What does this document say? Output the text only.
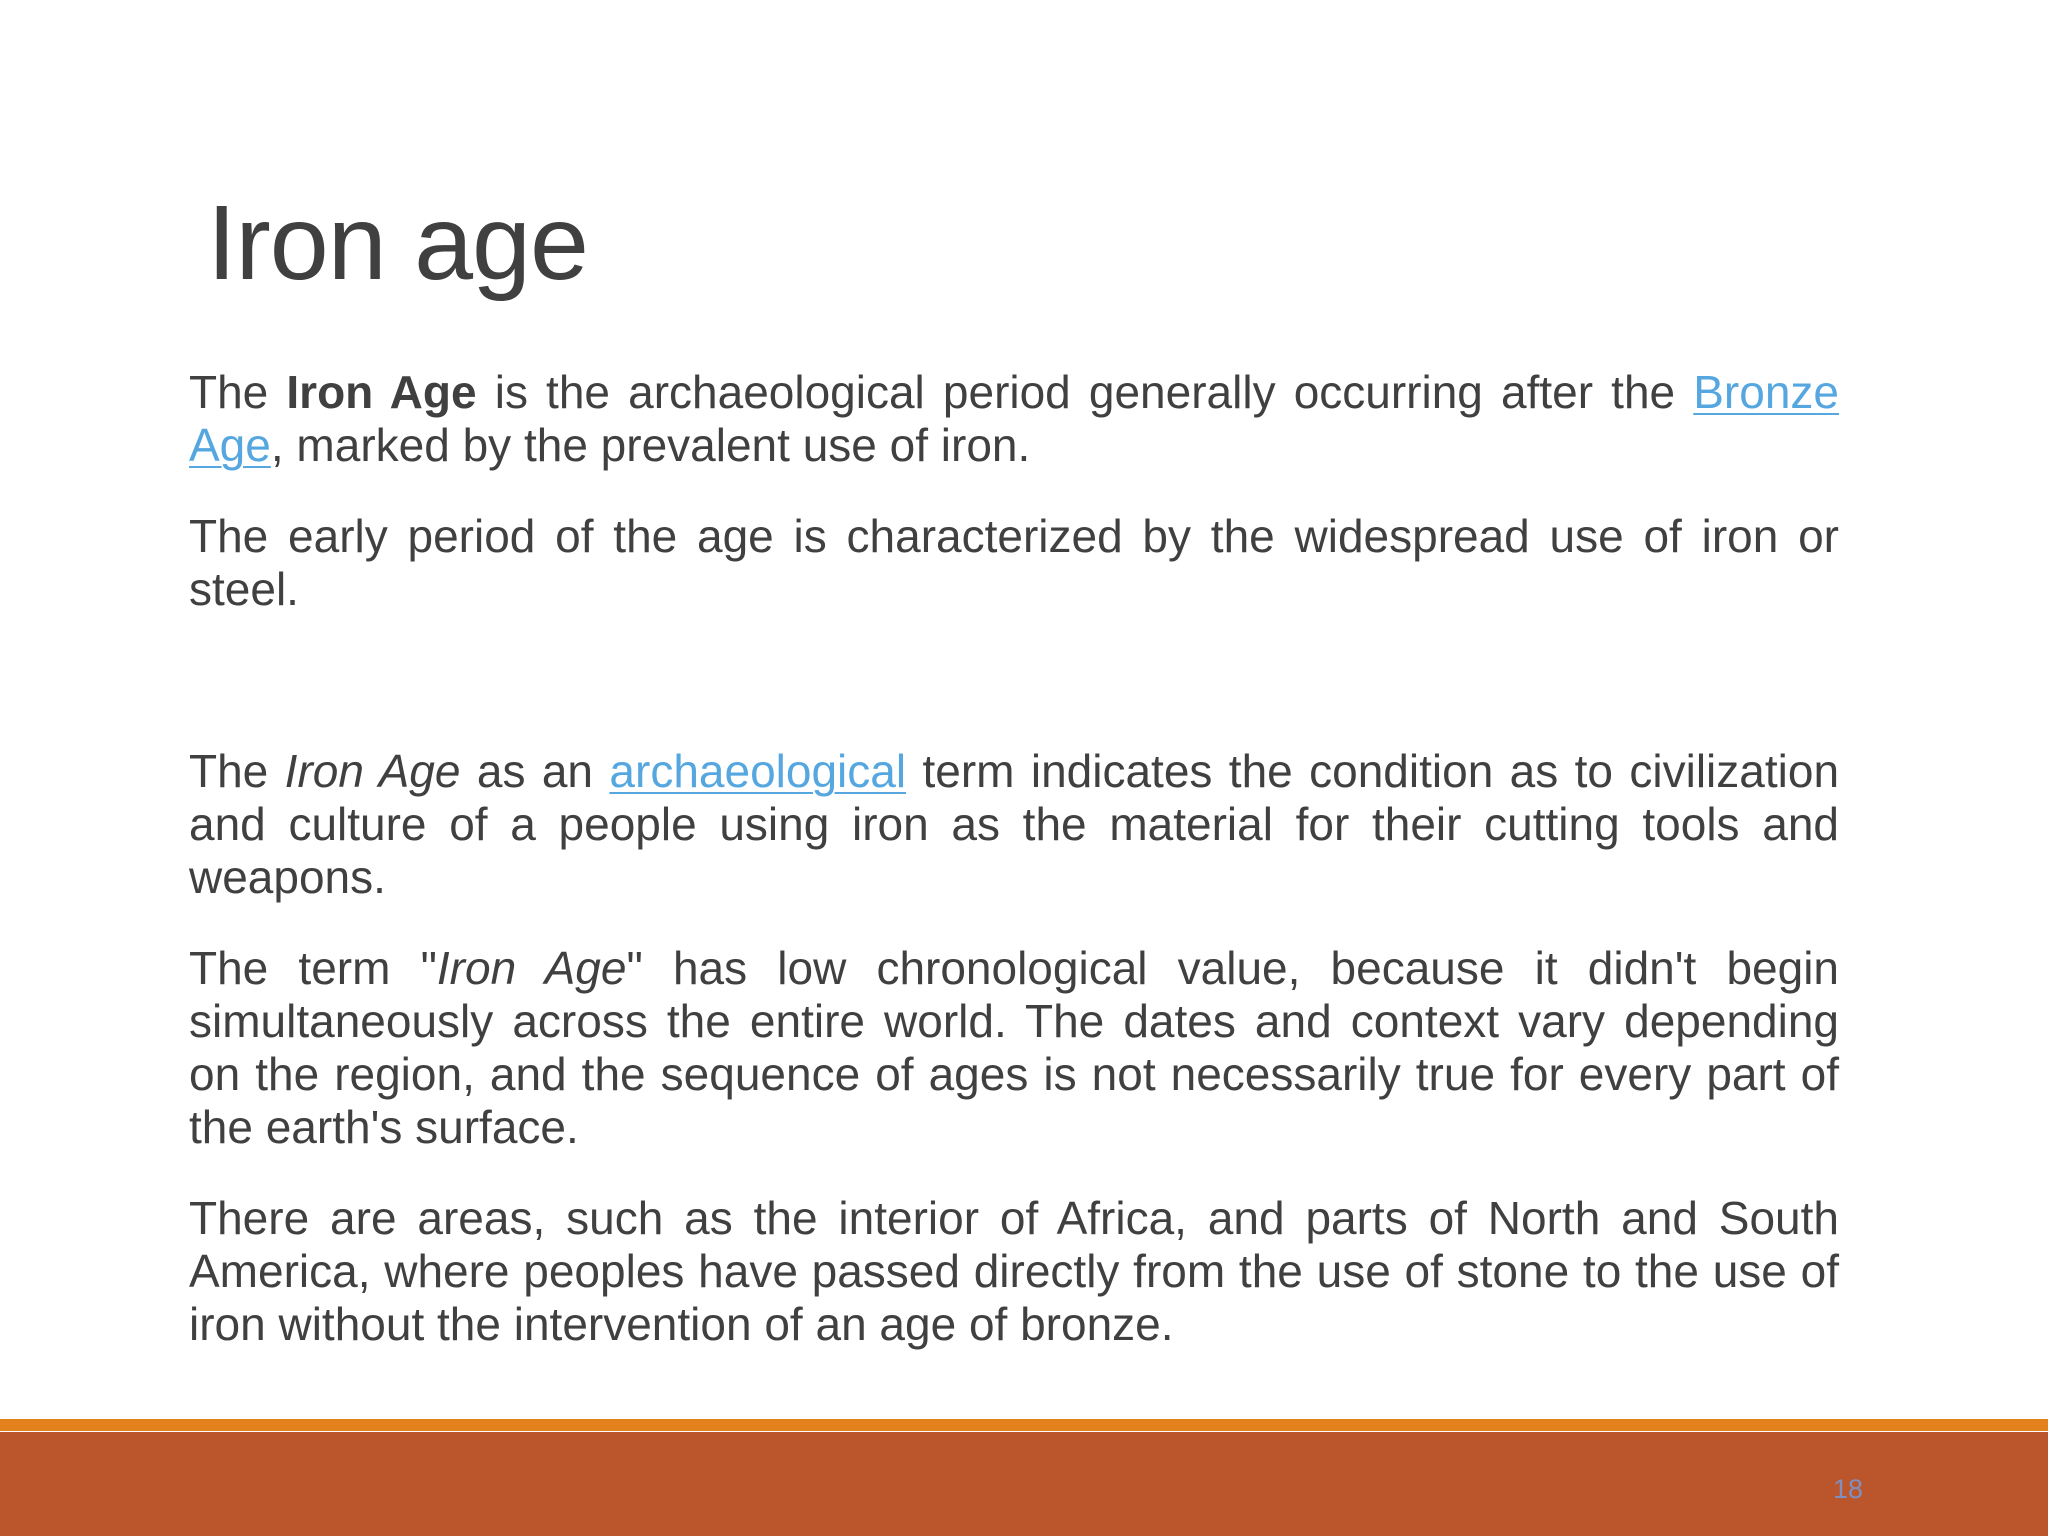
Iron age

The Iron Age is the archaeological period generally occurring after the Bronze Age, marked by the prevalent use of iron.

The early period of the age is characterized by the widespread use of iron or steel.

The Iron Age as an archaeological term indicates the condition as to civilization and culture of a people using iron as the material for their cutting tools and weapons.

The term "Iron Age" has low chronological value, because it didn't begin simultaneously across the entire world. The dates and context vary depending on the region, and the sequence of ages is not necessarily true for every part of the earth's surface.

There are areas, such as the interior of Africa, and parts of North and South America, where peoples have passed directly from the use of stone to the use of iron without the intervention of an age of bronze.

18
